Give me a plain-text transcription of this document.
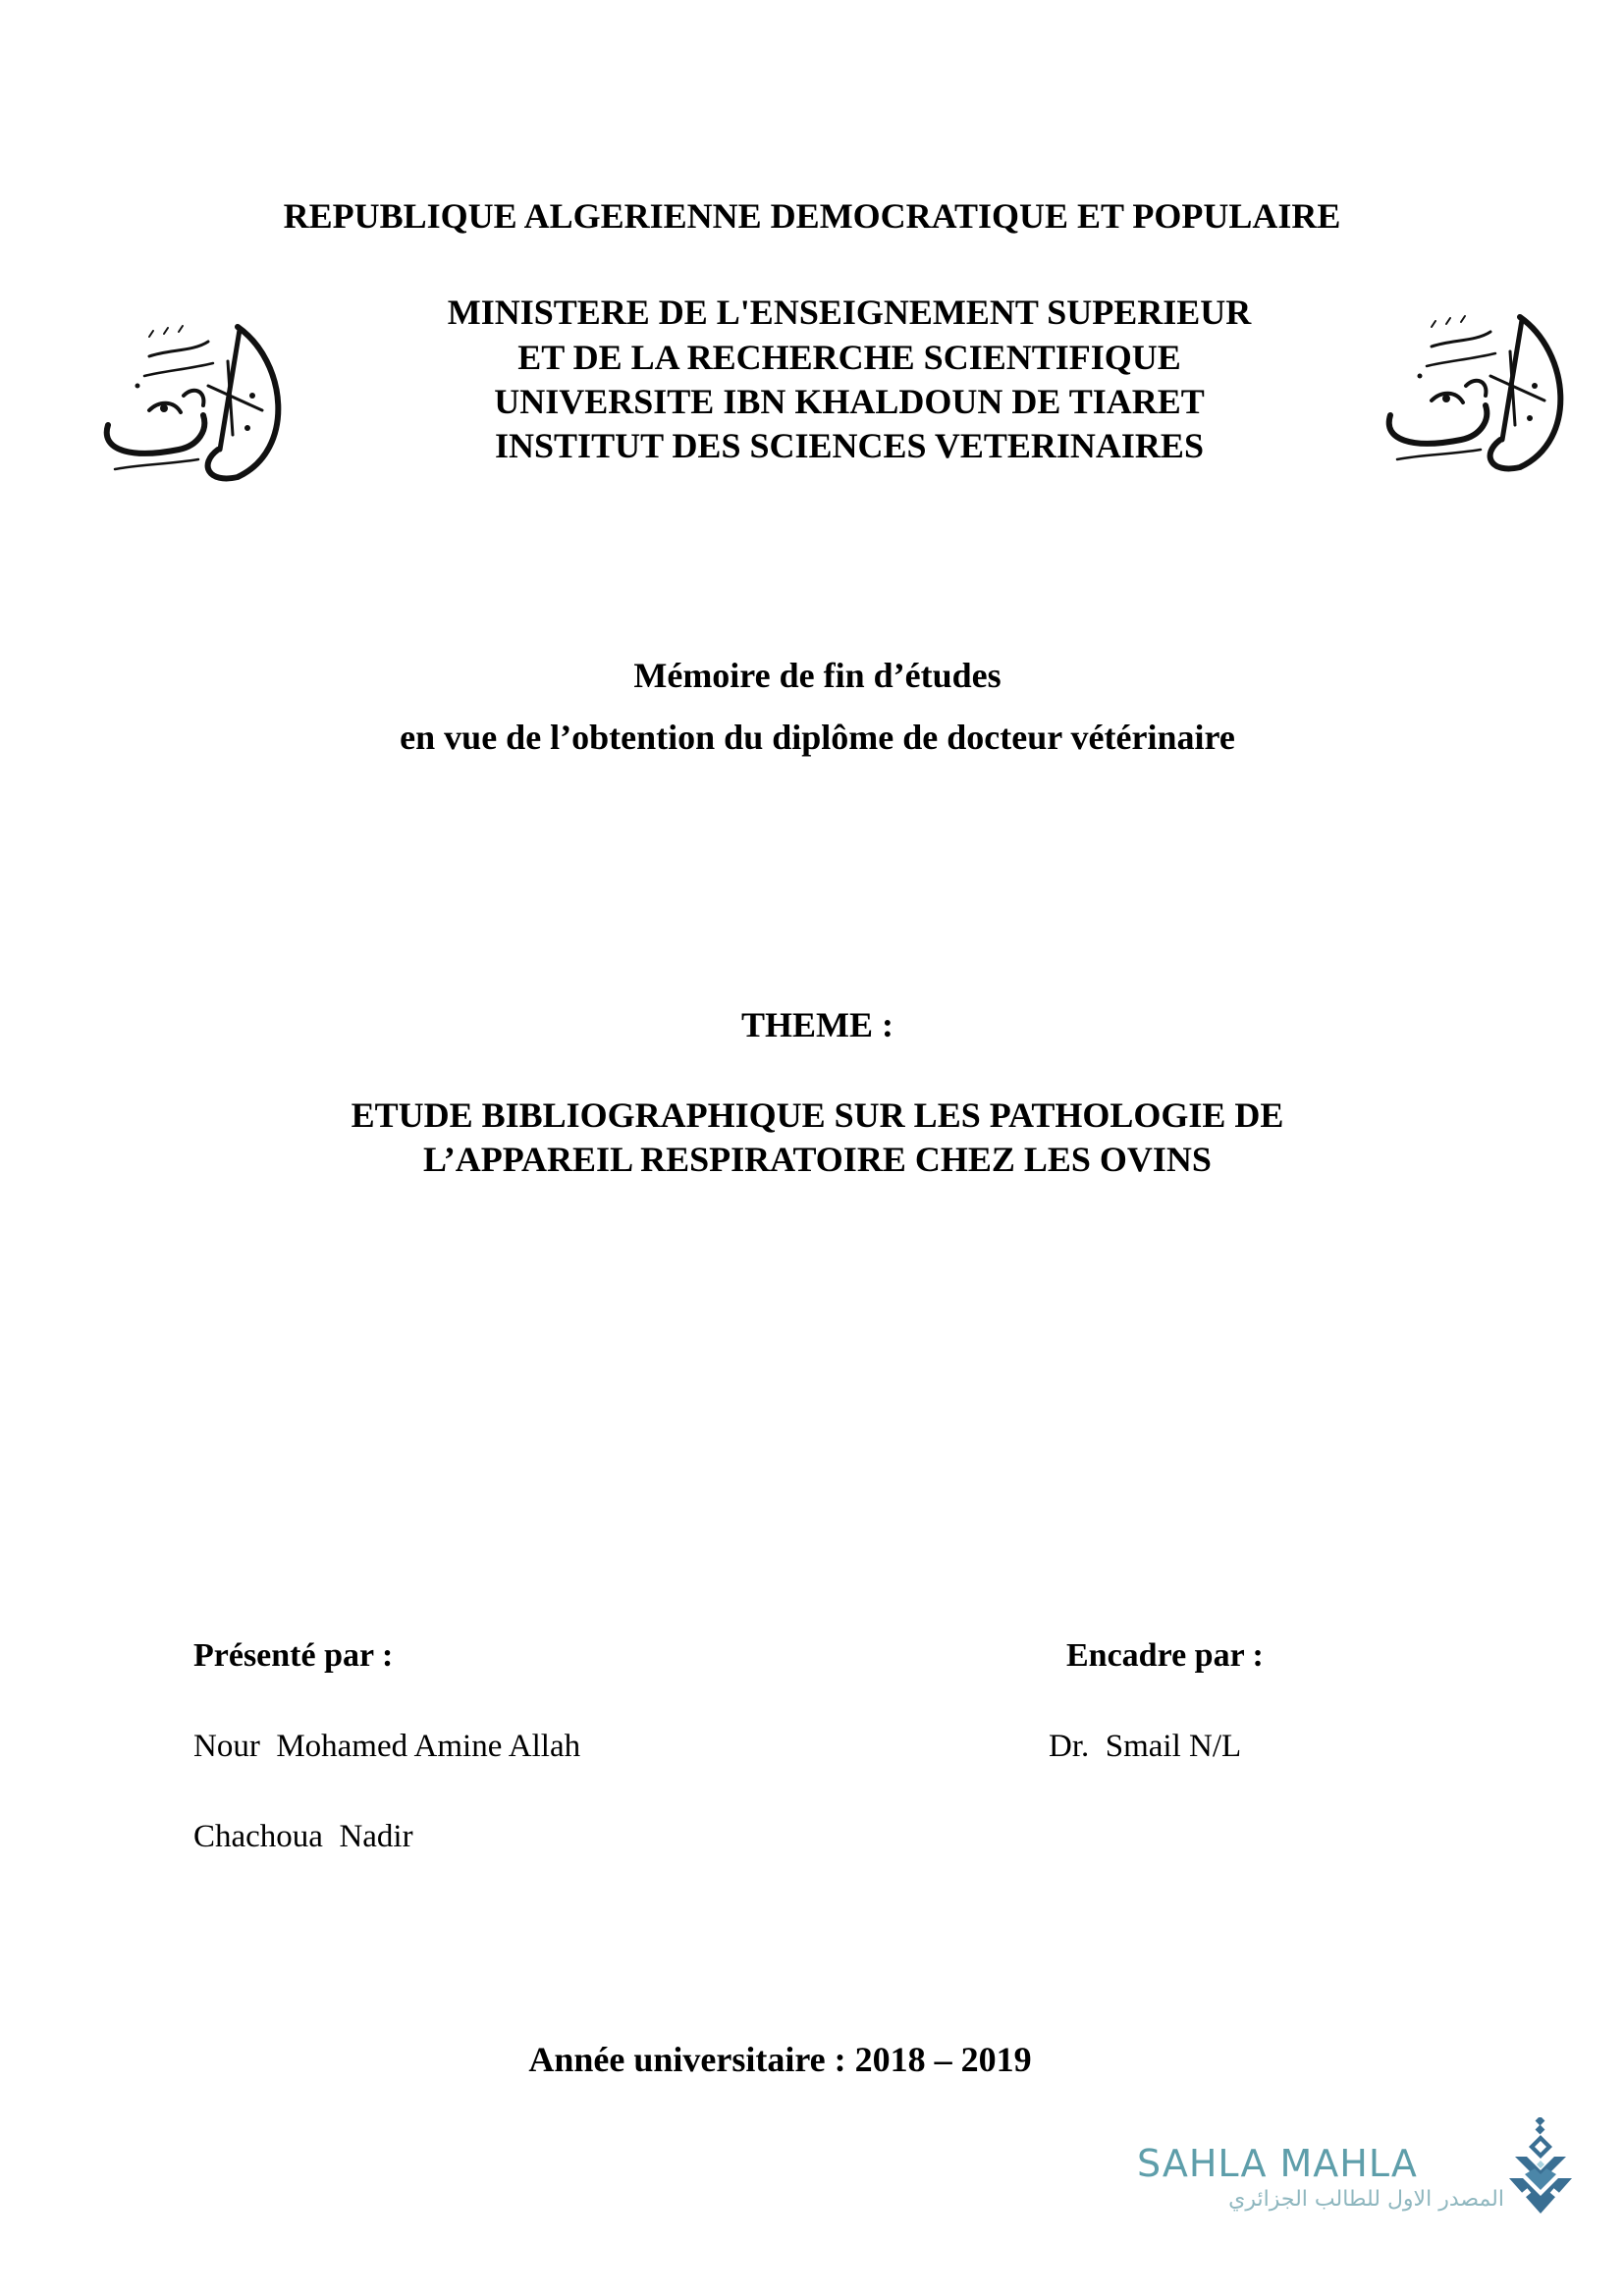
REPUBLIQUE ALGERIENNE DEMOCRATIQUE ET POPULAIRE
MINISTERE DE L'ENSEIGNEMENT SUPERIEUR
ET DE LA RECHERCHE SCIENTIFIQUE
UNIVERSITE IBN KHALDOUN DE TIARET
INSTITUT DES SCIENCES VETERINAIRES
Mémoire de fin d’études
en vue de l’obtention du diplôme de docteur vétérinaire
THEME :
ETUDE BIBLIOGRAPHIQUE SUR LES PATHOLOGIE DE
L’APPAREIL RESPIRATOIRE CHEZ LES OVINS
Présenté par :	Encadre par :
Nour  Mohamed Amine Allah
Chachoua  Nadir
Dr.  Smail N/L
Année universitaire : 2018 – 2019
SAHLA MAHLA
المصدر الاول للطالب الجزائري
